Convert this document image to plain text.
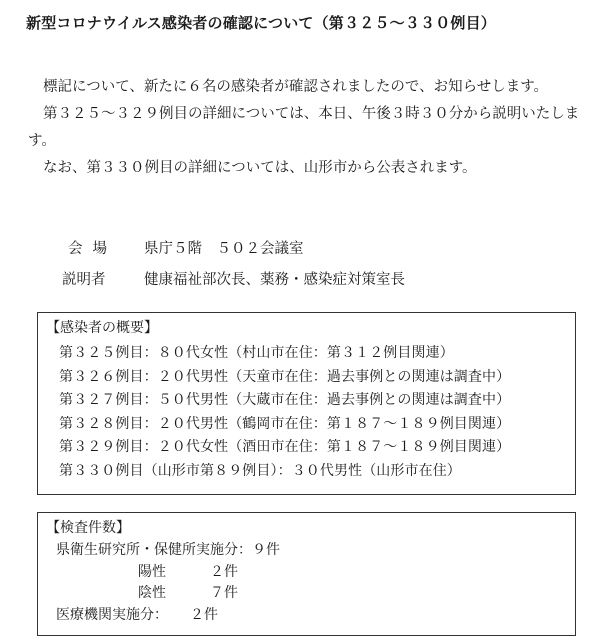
新型コロナウイルス感染者の確認について（第３２５～３３０例目）

標記について、新たに６名の感染者が確認されましたので、お知らせします。

第３２５～３２９例目の詳細については、本日、午後３時３０分から説明いたします。

なお、第３３０例目の詳細については、山形市から公表されます。

会場	県庁５階　５０２会議室
説明者	健康福祉部次長、薬務・感染症対策室長
【感染者の概要】
第３２５例目：８０代女性（村山市在住：第３１２例目関連）
第３２６例目：２０代男性（天童市在住：過去事例との関連は調査中）
第３２７例目：５０代男性（大蔵市在住：過去事例との関連は調査中）
第３２８例目：２０代男性（鶴岡市在住：第１８７～１８９例目関連）
第３２９例目：２０代女性（酒田市在住：第１８７～１８９例目関連）
第３３０例目（山形市第８９例目）：３０代男性（山形市在住）
【検査件数】
県衛生研究所・保健所実施分： ９件
陽性	２件
陰性	７件
医療機関実施分：	２件
